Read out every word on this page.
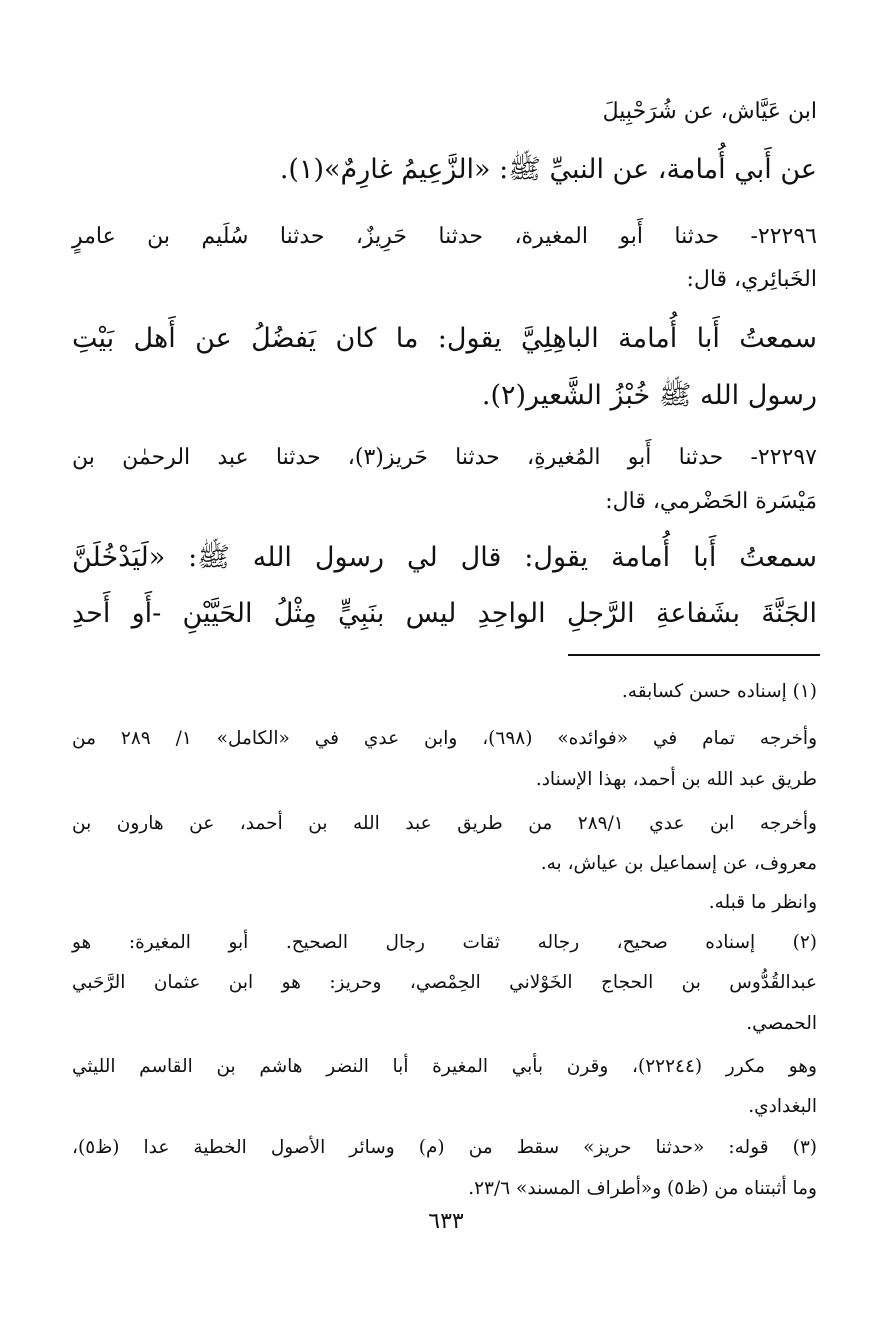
ابن عَيَّاش، عن شُرَحْبِيلَ
عن أَبي أُمامة، عن النبيِّ ﷺ: «الزَّعِيمُ غارِمٌ»(١).
٢٢٢٩٦- حدثنا أَبو المغيرة، حدثنا حَرِيزٌ، حدثنا سُلَيم بن عامرٍ
الخَبائِري، قال:
سمعتُ أَبا أُمامة الباهِلِيَّ يقول: ما كان يَفضُلُ عن أَهل بَيْتِ
رسول الله ﷺ خُبْزُ الشَّعير(٢).
٢٢٢٩٧- حدثنا أَبو المُغيرةِ، حدثنا حَريز(٣)، حدثنا عبد الرحمٰن بن
مَيْسَرة الحَضْرمي، قال:
سمعتُ أَبا أُمامة يقول: قال لي رسول الله ﷺ: «لَيَدْخُلَنَّ
الجَنَّةَ بشَفاعةِ الرَّجلِ الواحِدِ ليس بنَبِيٍّ مِثْلُ الحَيَّيْنِ -أَو أَحدِ
(١) إسناده حسن كسابقه.
وأخرجه تمام في «فوائده» (٦٩٨)، وابن عدي في «الكامل» ١/ ٢٨٩ من
طريق عبد الله بن أحمد، بهذا الإسناد.
وأخرجه ابن عدي ٢٨٩/١ من طريق عبد الله بن أحمد، عن هارون بن
معروف، عن إسماعيل بن عياش، به.
وانظر ما قبله.
(٢) إسناده صحيح، رجاله ثقات رجال الصحيح. أبو المغيرة: هو
عبدالقُدُّوس بن الحجاج الخَوْلاني الحِمْصي، وحريز: هو ابن عثمان الرَّحَبي
الحمصي.
وهو مكرر (٢٢٢٤٤)، وقرن بأبي المغيرة أبا النضر هاشم بن القاسم الليثي
البغدادي.
(٣) قوله: «حدثنا حريز» سقط من (م) وسائر الأصول الخطية عدا (ظ٥)،
وما أثبتناه من (ظ٥) و«أطراف المسند» ٢٣/٦.
٦٣٣
